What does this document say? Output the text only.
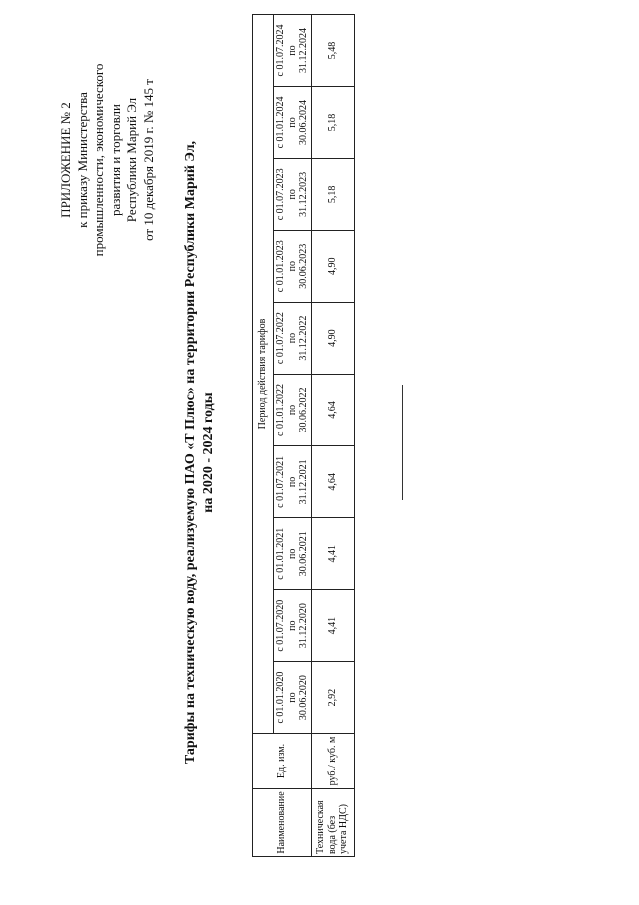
ПРИЛОЖЕНИЕ № 2 к приказу Министерства промышленности, экономического развития и торговли Республики Марий Эл от 10 декабря 2019 г. № 145 т Тарифы на техническую воду, реализуемую ПАО «Т Плюс» на территории Республики Марий Эл, на 2020 - 2024 годы
Наименование	Ед. изм.	Период действия тарифов									

		с 01.01.2020 по 30.06.2020	с 01.07.2020 по 31.12.2020	с 01.01.2021 по 30.06.2021	с 01.07.2021 по 31.12.2021	с 01.01.2022 по 30.06.2022	с 01.07.2022 по 31.12.2022	с 01.01.2023 по 30.06.2023	с 01.07.2023 по 31.12.2023	с 01.01.2024 по 30.06.2024	с 01.07.2024 по 31.12.2024

Техническая вода (без учета НДС)	руб./ куб. м	2,92	4,41	4,41	4,64	4,64	4,90	4,90	5,18	5,18	5,48
